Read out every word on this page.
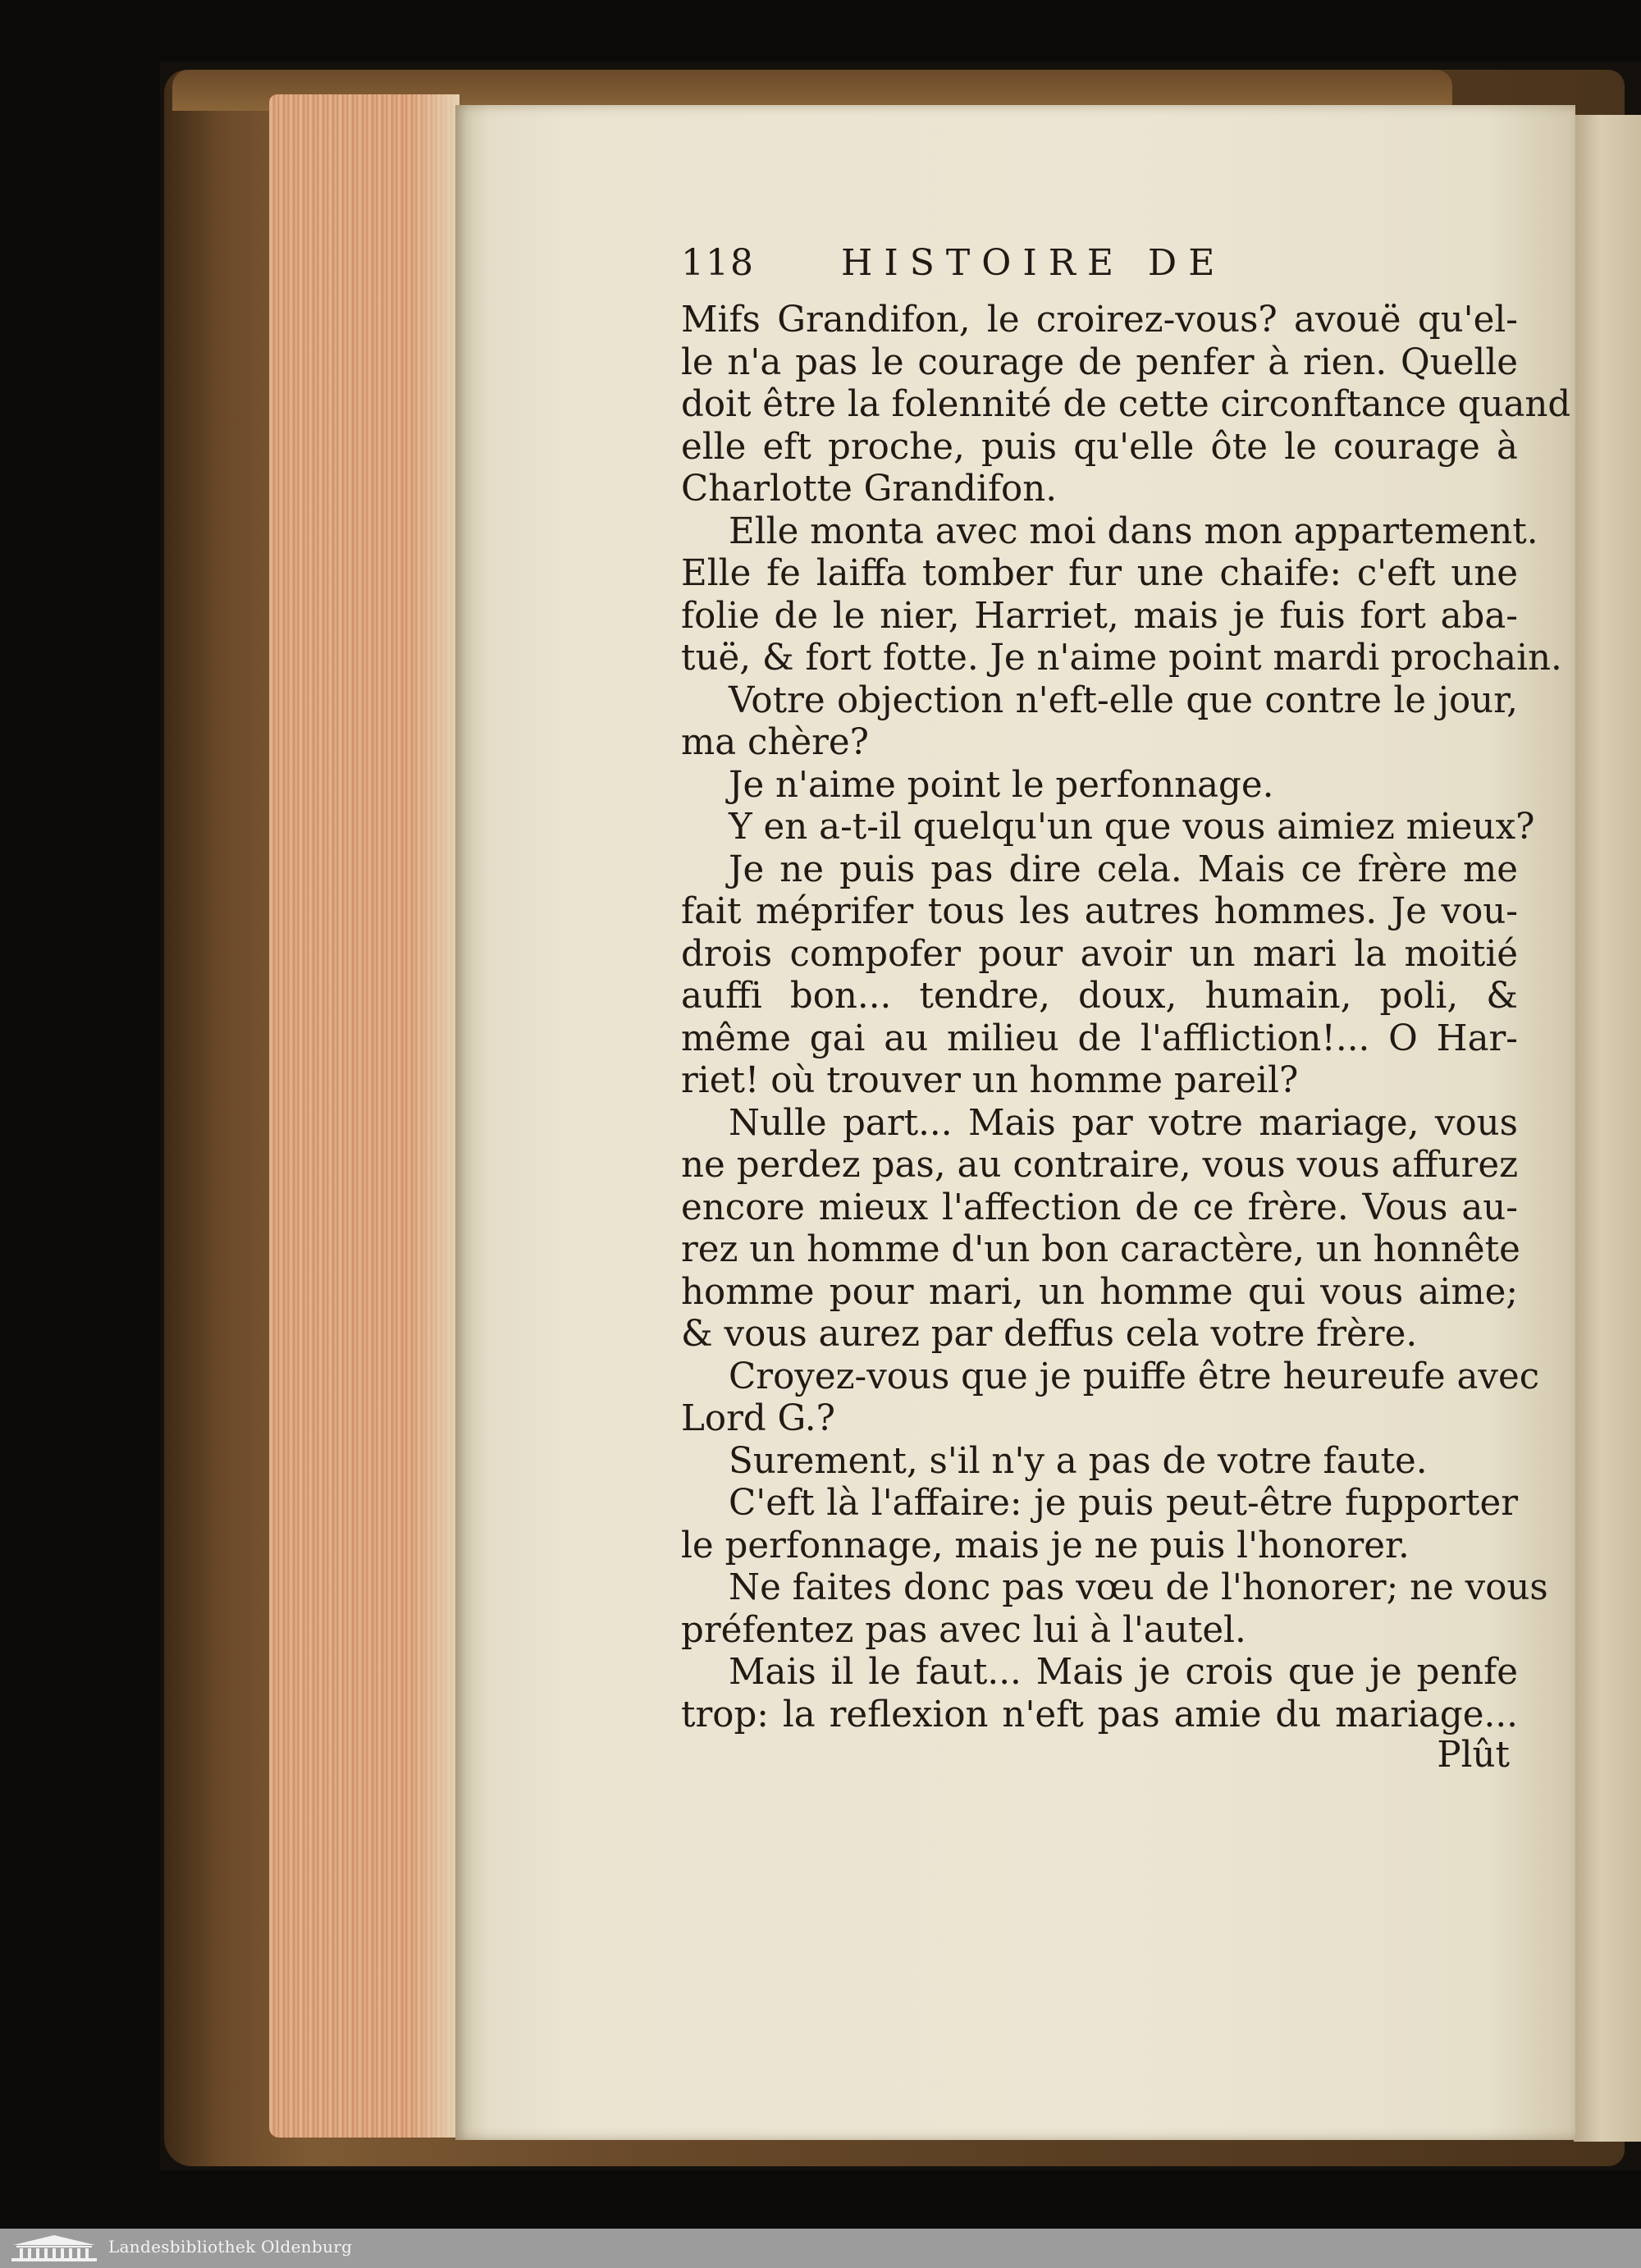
118 HISTOIRE DE
Mifs Grandifon, le croirez-vous? avouë qu'el-
le n'a pas le courage de penfer à rien. Quelle
doit être la folennité de cette circonftance quand
elle eft proche, puis qu'elle ôte le courage à
Charlotte Grandifon.
Elle monta avec moi dans mon appartement.
Elle fe laiffa tomber fur une chaife: c'eft une
folie de le nier, Harriet, mais je fuis fort aba-
tuë, & fort fotte. Je n'aime point mardi prochain.
Votre objection n'eft-elle que contre le jour,
ma chère?
Je n'aime point le perfonnage.
Y en a-t-il quelqu'un que vous aimiez mieux?
Je ne puis pas dire cela. Mais ce frère me
fait méprifer tous les autres hommes. Je vou-
drois compofer pour avoir un mari la moitié
auffi bon... tendre, doux, humain, poli, &
même gai au milieu de l'affliction!... O Har-
riet! où trouver un homme pareil?
Nulle part... Mais par votre mariage, vous
ne perdez pas, au contraire, vous vous affurez
encore mieux l'affection de ce frère. Vous au-
rez un homme d'un bon caractère, un honnête
homme pour mari, un homme qui vous aime;
& vous aurez par deffus cela votre frère.
Croyez-vous que je puiffe être heureufe avec
Lord G.?
Surement, s'il n'y a pas de votre faute.
C'eft là l'affaire: je puis peut-être fupporter
le perfonnage, mais je ne puis l'honorer.
Ne faites donc pas vœu de l'honorer; ne vous
préfentez pas avec lui à l'autel.
Mais il le faut... Mais je crois que je penfe
trop: la reflexion n'eft pas amie du mariage...
Plût
Landesbibliothek Oldenburg
